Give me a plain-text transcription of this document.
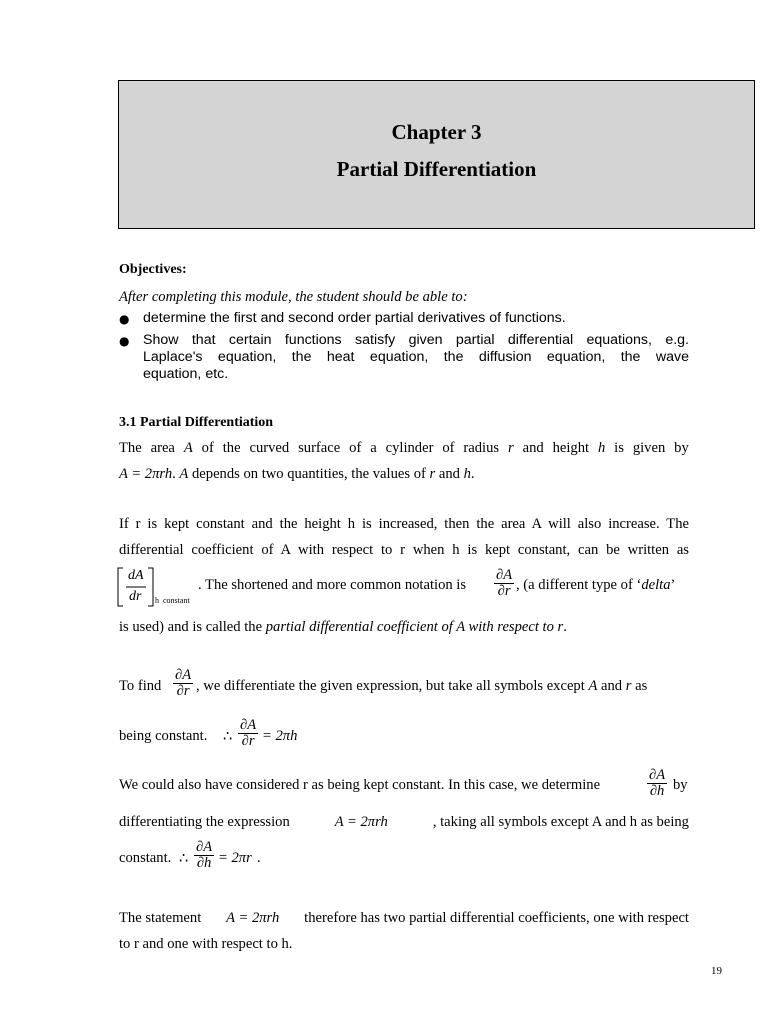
Chapter 3
Partial Differentiation
Objectives:
After completing this module, the student should be able to:
● determine the first and second order partial derivatives of functions.
● Show that certain functions satisfy given partial differential equations, e.g.
Laplace's equation, the heat equation, the diffusion equation, the wave
equation, etc.
3.1 Partial Differentiation
The area A of the curved surface of a cylinder of radius r and height h is given by
A = 2πrh. A depends on two quantities, the values of r and h.
If r is kept constant and the height h is increased, then the area A will also increase. The
differential coefficient of A with respect to r when h is kept constant, can be written as
dA
dr h  constant
. The shortened and more common notation is $\frac{\partial A}{\partial r}$ , (a different type of ‘delta’
is used) and is called the partial differential coefficient of A with respect to r.
To find $\frac{\partial A}{\partial r}$ , we differentiate the given expression, but take all symbols except A and r as
being constant. ∴ $\frac{\partial A}{\partial r} = 2\pi h$
We could also have considered r as being kept constant. In this case, we determine	$\frac{\partial A}{\partial h}$ by
differentiating the expression	A = 2πrh	, taking all symbols except A and h as being
constant. ∴ $\frac{\partial A}{\partial h} = 2\pi r$ .
The statement A = 2πrh therefore has two partial differential coefficients, one with respect
to r and one with respect to h.
19
